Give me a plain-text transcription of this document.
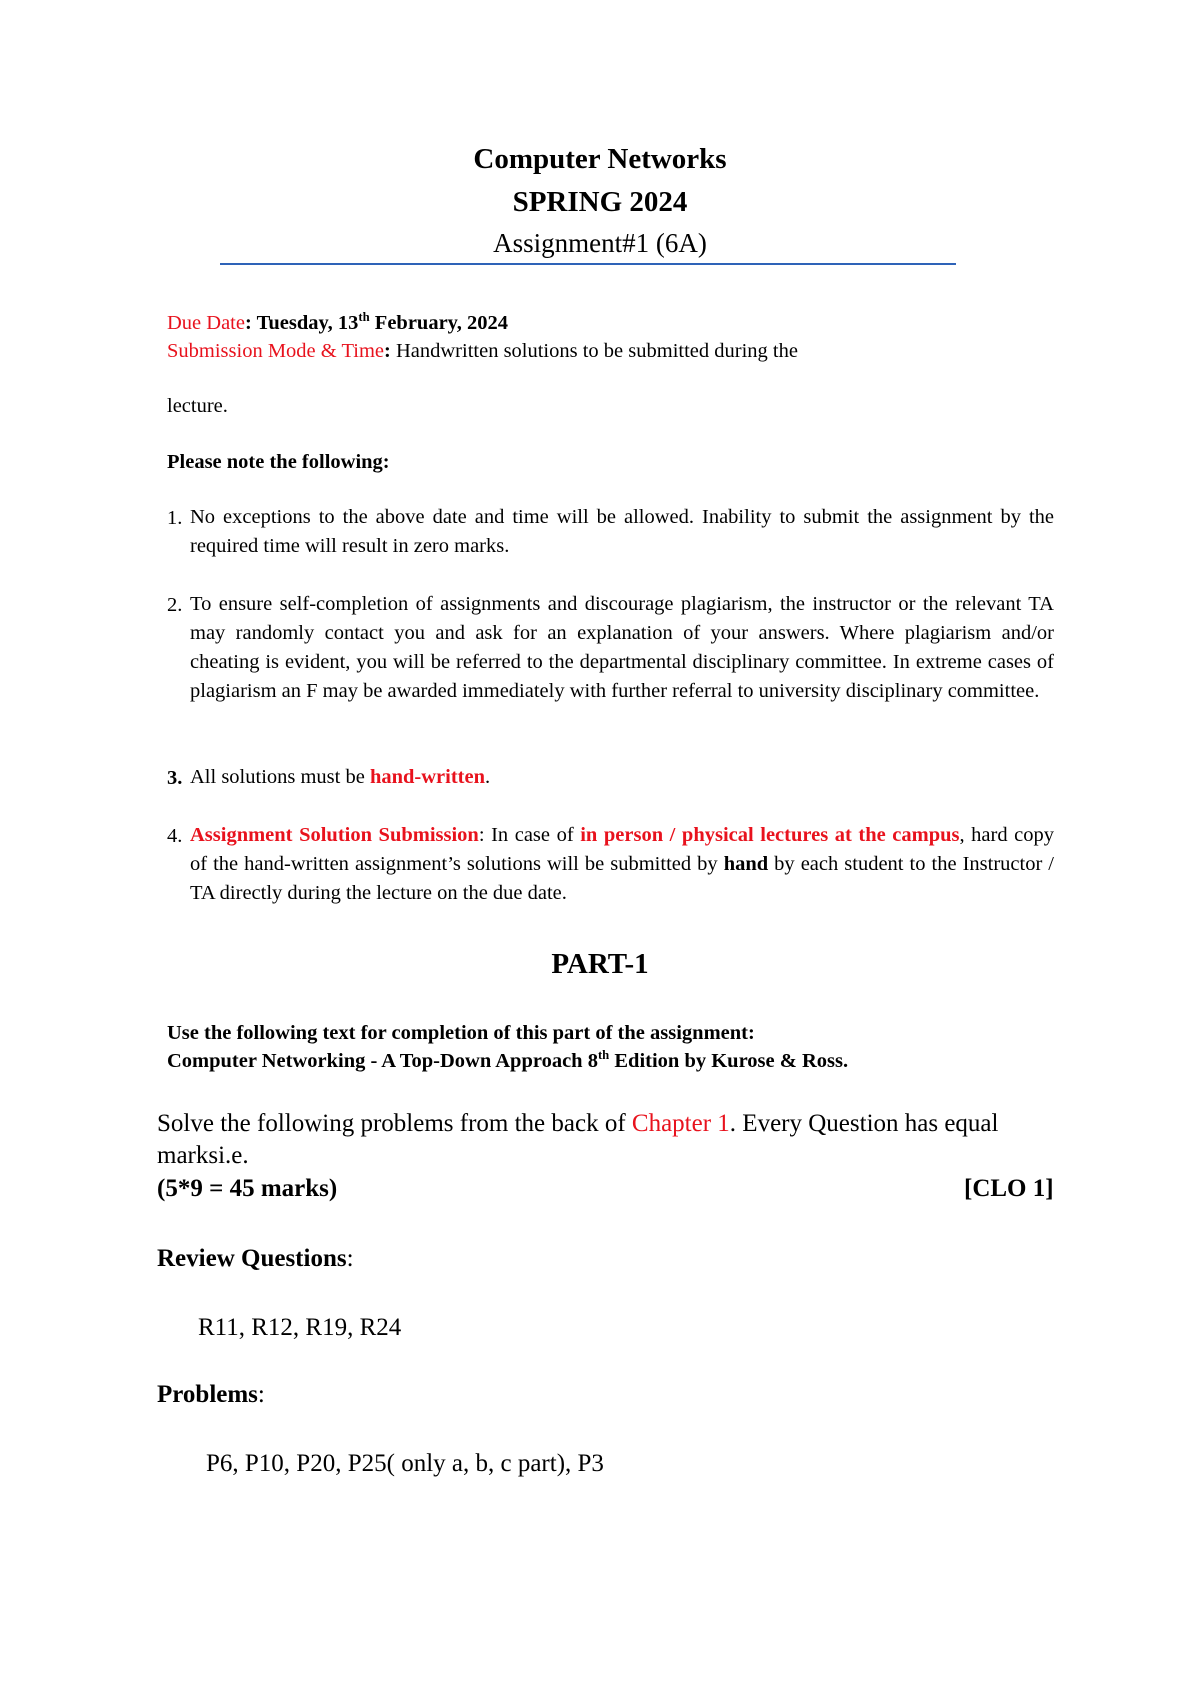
Computer Networks
SPRING 2024
Assignment#1 (6A)
Due Date: Tuesday, 13th February, 2024
Submission Mode & Time: Handwritten solutions to be submitted during the
lecture.
Please note the following:
1. No exceptions to the above date and time will be allowed. Inability to submit the assignment by the required time will result in zero marks.
2. To ensure self-completion of assignments and discourage plagiarism, the instructor or the relevant TA may randomly contact you and ask for an explanation of your answers. Where plagiarism and/or cheating is evident, you will be referred to the departmental disciplinary committee. In extreme cases of plagiarism an F may be awarded immediately with further referral to university disciplinary committee.
3. All solutions must be hand-written.
4. Assignment Solution Submission: In case of in person / physical lectures at the campus, hard copy of the hand-written assignment’s solutions will be submitted by hand by each student to the Instructor / TA directly during the lecture on the due date.
PART-1
Use the following text for completion of this part of the assignment:
Computer Networking - A Top-Down Approach 8th Edition by Kurose & Ross.
Solve the following problems from the back of Chapter 1. Every Question has equal marksi.e.
(5*9 = 45 marks)	[CLO 1]
Review Questions:
R11, R12, R19, R24
Problems:
P6, P10, P20, P25( only a, b, c part), P3
